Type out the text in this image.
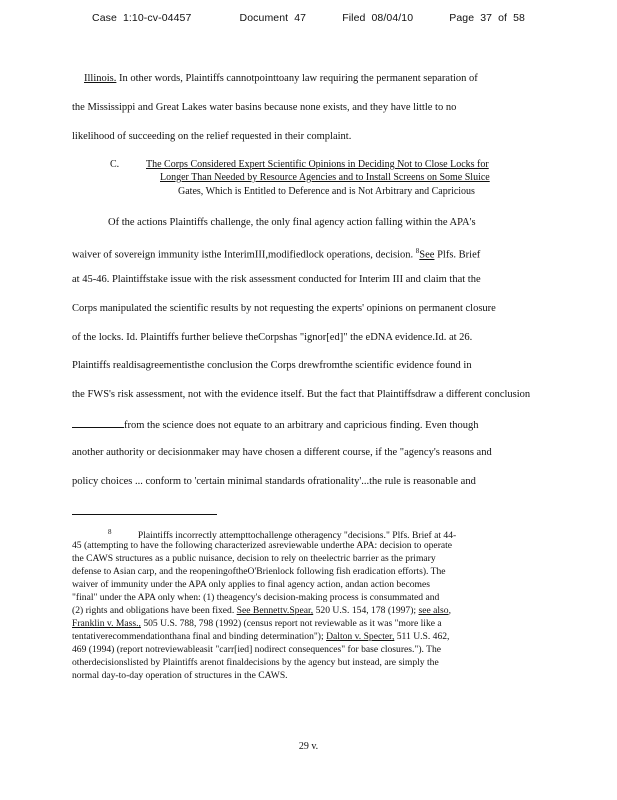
Case 1:10-cv-04457	Document 47	Filed 08/04/10	Page 37 of 58
Illinois. In other words, Plaintiffs cannotpointtoany law requiring the permanent separation of
the Mississippi and Great Lakes water basins because none exists, and they have little to no
likelihood of succeeding on the relief requested in their complaint.
C.	The Corps Considered Expert Scientific Opinions in Deciding Not to Close Locks for
Longer Than Needed by Resource Agencies and to Install Screens on Some Sluice
Gates, Which is Entitled to Deference and is Not Arbitrary and Capricious
Of the actions Plaintiffs challenge, the only final agency action falling within the APA's
waiver of sovereign immunity isthe InterimIII,modifiedlock operations, decision. $^8$See Plfs. Brief
at 45-46. Plaintiffstake issue with the risk assessment conducted for Interim III and claim that the
Corps manipulated the scientific results by not requesting the experts' opinions on permanent closure
of the locks. Id. Plaintiffs further believe theCorpshas "ignor[ed]" the eDNA evidence.Id. at 26.
Plaintiffs realdisagreementisthe conclusion the Corps drewfromthe scientific evidence found in
the FWS's risk assessment, not with the evidence itself. But the fact that Plaintiffsdraw a different conclusion
from the science does not equate to an arbitrary and capricious finding. Even though
another authority or decisionmaker may have chosen a different course, if the "agency's reasons and
policy choices ... conform to 'certain minimal standards ofrationality'...the rule is reasonable and
$^8$	Plaintiffs incorrectly attempttochallenge otheragency "decisions." Plfs. Brief at 44-
45 (attempting to have the following characterized asreviewable underthe APA: decision to operate
the CAWS structures as a public nuisance, decision to rely on theelectric barrier as the primary
defense to Asian carp, and the reopeningoftheO'Brienlock following fish eradication efforts). The
waiver of immunity under the APA only applies to final agency action, andan action becomes
"final" under the APA only when: (1) theagency's decision-making process is consummated and
(2) rights and obligations have been fixed. See Bennettv.Spear, 520 U.S. 154, 178 (1997); see also,
Franklin v. Mass., 505 U.S. 788, 798 (1992) (census report not reviewable as it was "more like a
tentativerecommendationthana final and binding determination"); Dalton v. Specter, 511 U.S. 462,
469 (1994) (report notreviewableasit "carr[ied] nodirect consequences" for base closures."). The
otherdecisionslisted by Plaintiffs arenot finaldecisions by the agency but instead, are simply the
normal day-to-day operation of structures in the CAWS.
29 v.
